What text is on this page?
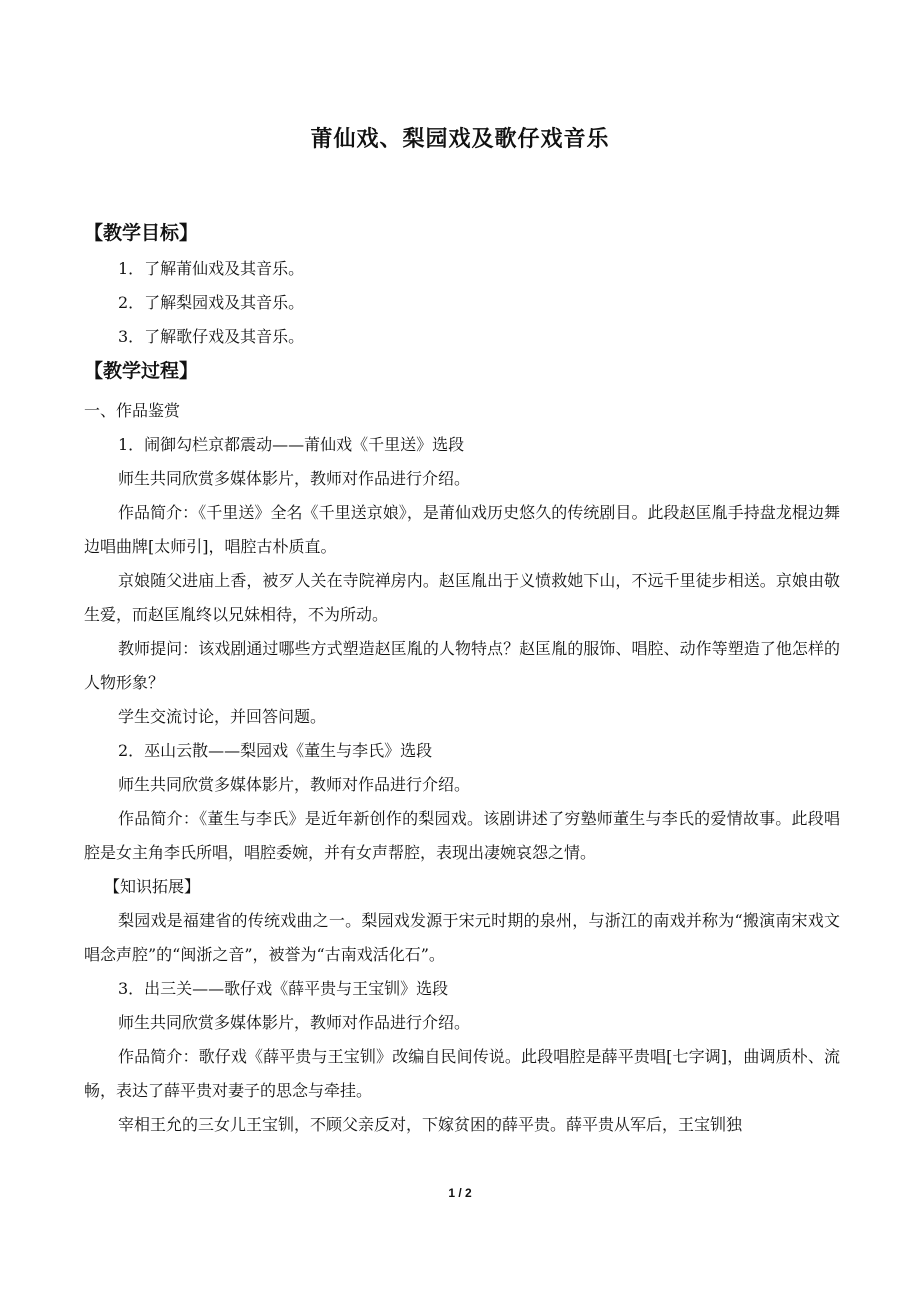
莆仙戏、梨园戏及歌仔戏音乐
【教学目标】
1．了解莆仙戏及其音乐。
2．了解梨园戏及其音乐。
3．了解歌仔戏及其音乐。
【教学过程】
一、作品鉴赏
1．闹御勾栏京都震动——莆仙戏《千里送》选段
师生共同欣赏多媒体影片，教师对作品进行介绍。
作品简介：《千里送》全名《千里送京娘》，是莆仙戏历史悠久的传统剧目。此段赵匡胤手持盘龙棍边舞边唱曲牌[太师引]，唱腔古朴质直。
京娘随父进庙上香，被歹人关在寺院禅房内。赵匡胤出于义愤救她下山，不远千里徒步相送。京娘由敬生爱，而赵匡胤终以兄妹相待，不为所动。
教师提问：该戏剧通过哪些方式塑造赵匡胤的人物特点？赵匡胤的服饰、唱腔、动作等塑造了他怎样的人物形象？
学生交流讨论，并回答问题。
2．巫山云散——梨园戏《董生与李氏》选段
师生共同欣赏多媒体影片，教师对作品进行介绍。
作品简介：《董生与李氏》是近年新创作的梨园戏。该剧讲述了穷塾师董生与李氏的爱情故事。此段唱腔是女主角李氏所唱，唱腔委婉，并有女声帮腔，表现出凄婉哀怨之情。
【知识拓展】
梨园戏是福建省的传统戏曲之一。梨园戏发源于宋元时期的泉州，与浙江的南戏并称为“搬演南宋戏文唱念声腔”的“闽浙之音”，被誉为“古南戏活化石”。
3．出三关——歌仔戏《薛平贵与王宝钏》选段
师生共同欣赏多媒体影片，教师对作品进行介绍。
作品简介：歌仔戏《薛平贵与王宝钏》改编自民间传说。此段唱腔是薛平贵唱[七字调]，曲调质朴、流畅，表达了薛平贵对妻子的思念与牵挂。
宰相王允的三女儿王宝钏，不顾父亲反对，下嫁贫困的薛平贵。薛平贵从军后，王宝钏独
1 / 2
